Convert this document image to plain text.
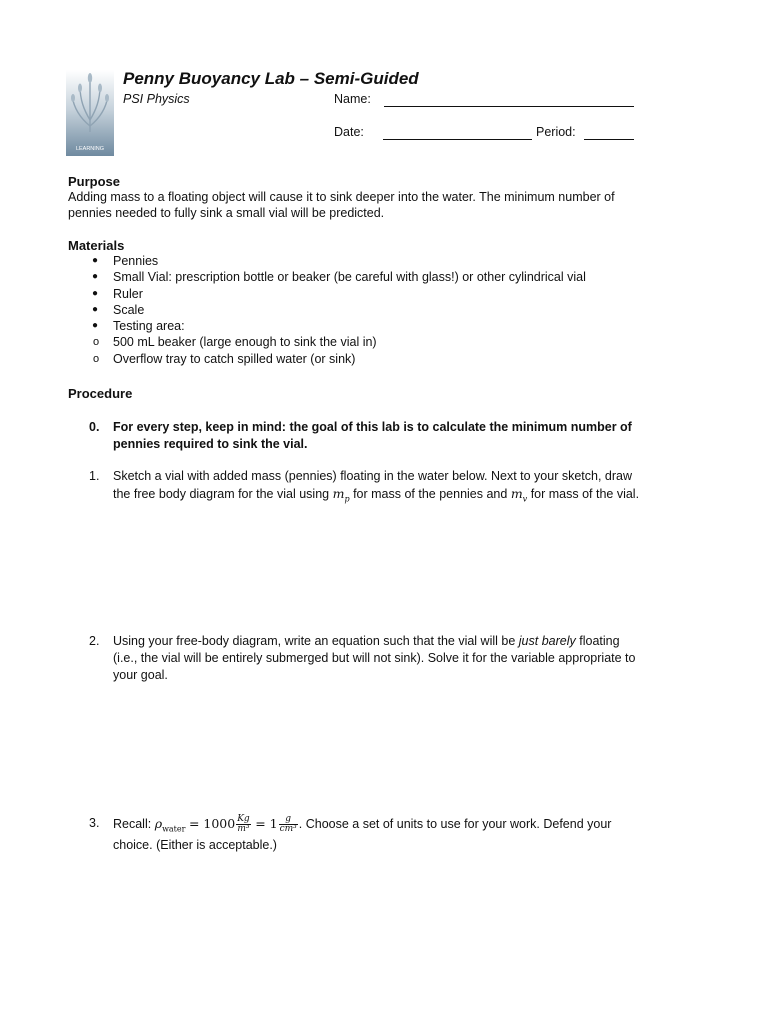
LEARNING
Penny Buoyancy Lab – Semi-Guided
PSI Physics	Name:
Date:	Period:
Purpose
Adding mass to a floating object will cause it to sink deeper into the water. The minimum number of
pennies needed to fully sink a small vial will be predicted.
Materials
● Pennies
● Small Vial: prescription bottle or beaker (be careful with glass!) or other cylindrical vial
● Ruler
● Scale
● Testing area:
o 500 mL beaker (large enough to sink the vial in)
o Overflow tray to catch spilled water (or sink)
Procedure
0. For every step, keep in mind: the goal of this lab is to calculate the minimum number of
pennies required to sink the vial.
1. Sketch a vial with added mass (pennies) floating in the water below. Next to your sketch, draw
the free body diagram for the vial using $m_p$ for mass of the pennies and $m_v$ for mass of the vial.
2. Using your free-body diagram, write an equation such that the vial will be just barely floating
(i.e., the vial will be entirely submerged but will not sink). Solve it for the variable appropriate to
your goal.
3. Recall: $\rho_{water} = 1000 \frac{Kg}{\text{m³}} = 1 \frac{g}{\text{cm³}}$ . Choose a set of units to use for your work. Defend your
choice. (Either is acceptable.)
